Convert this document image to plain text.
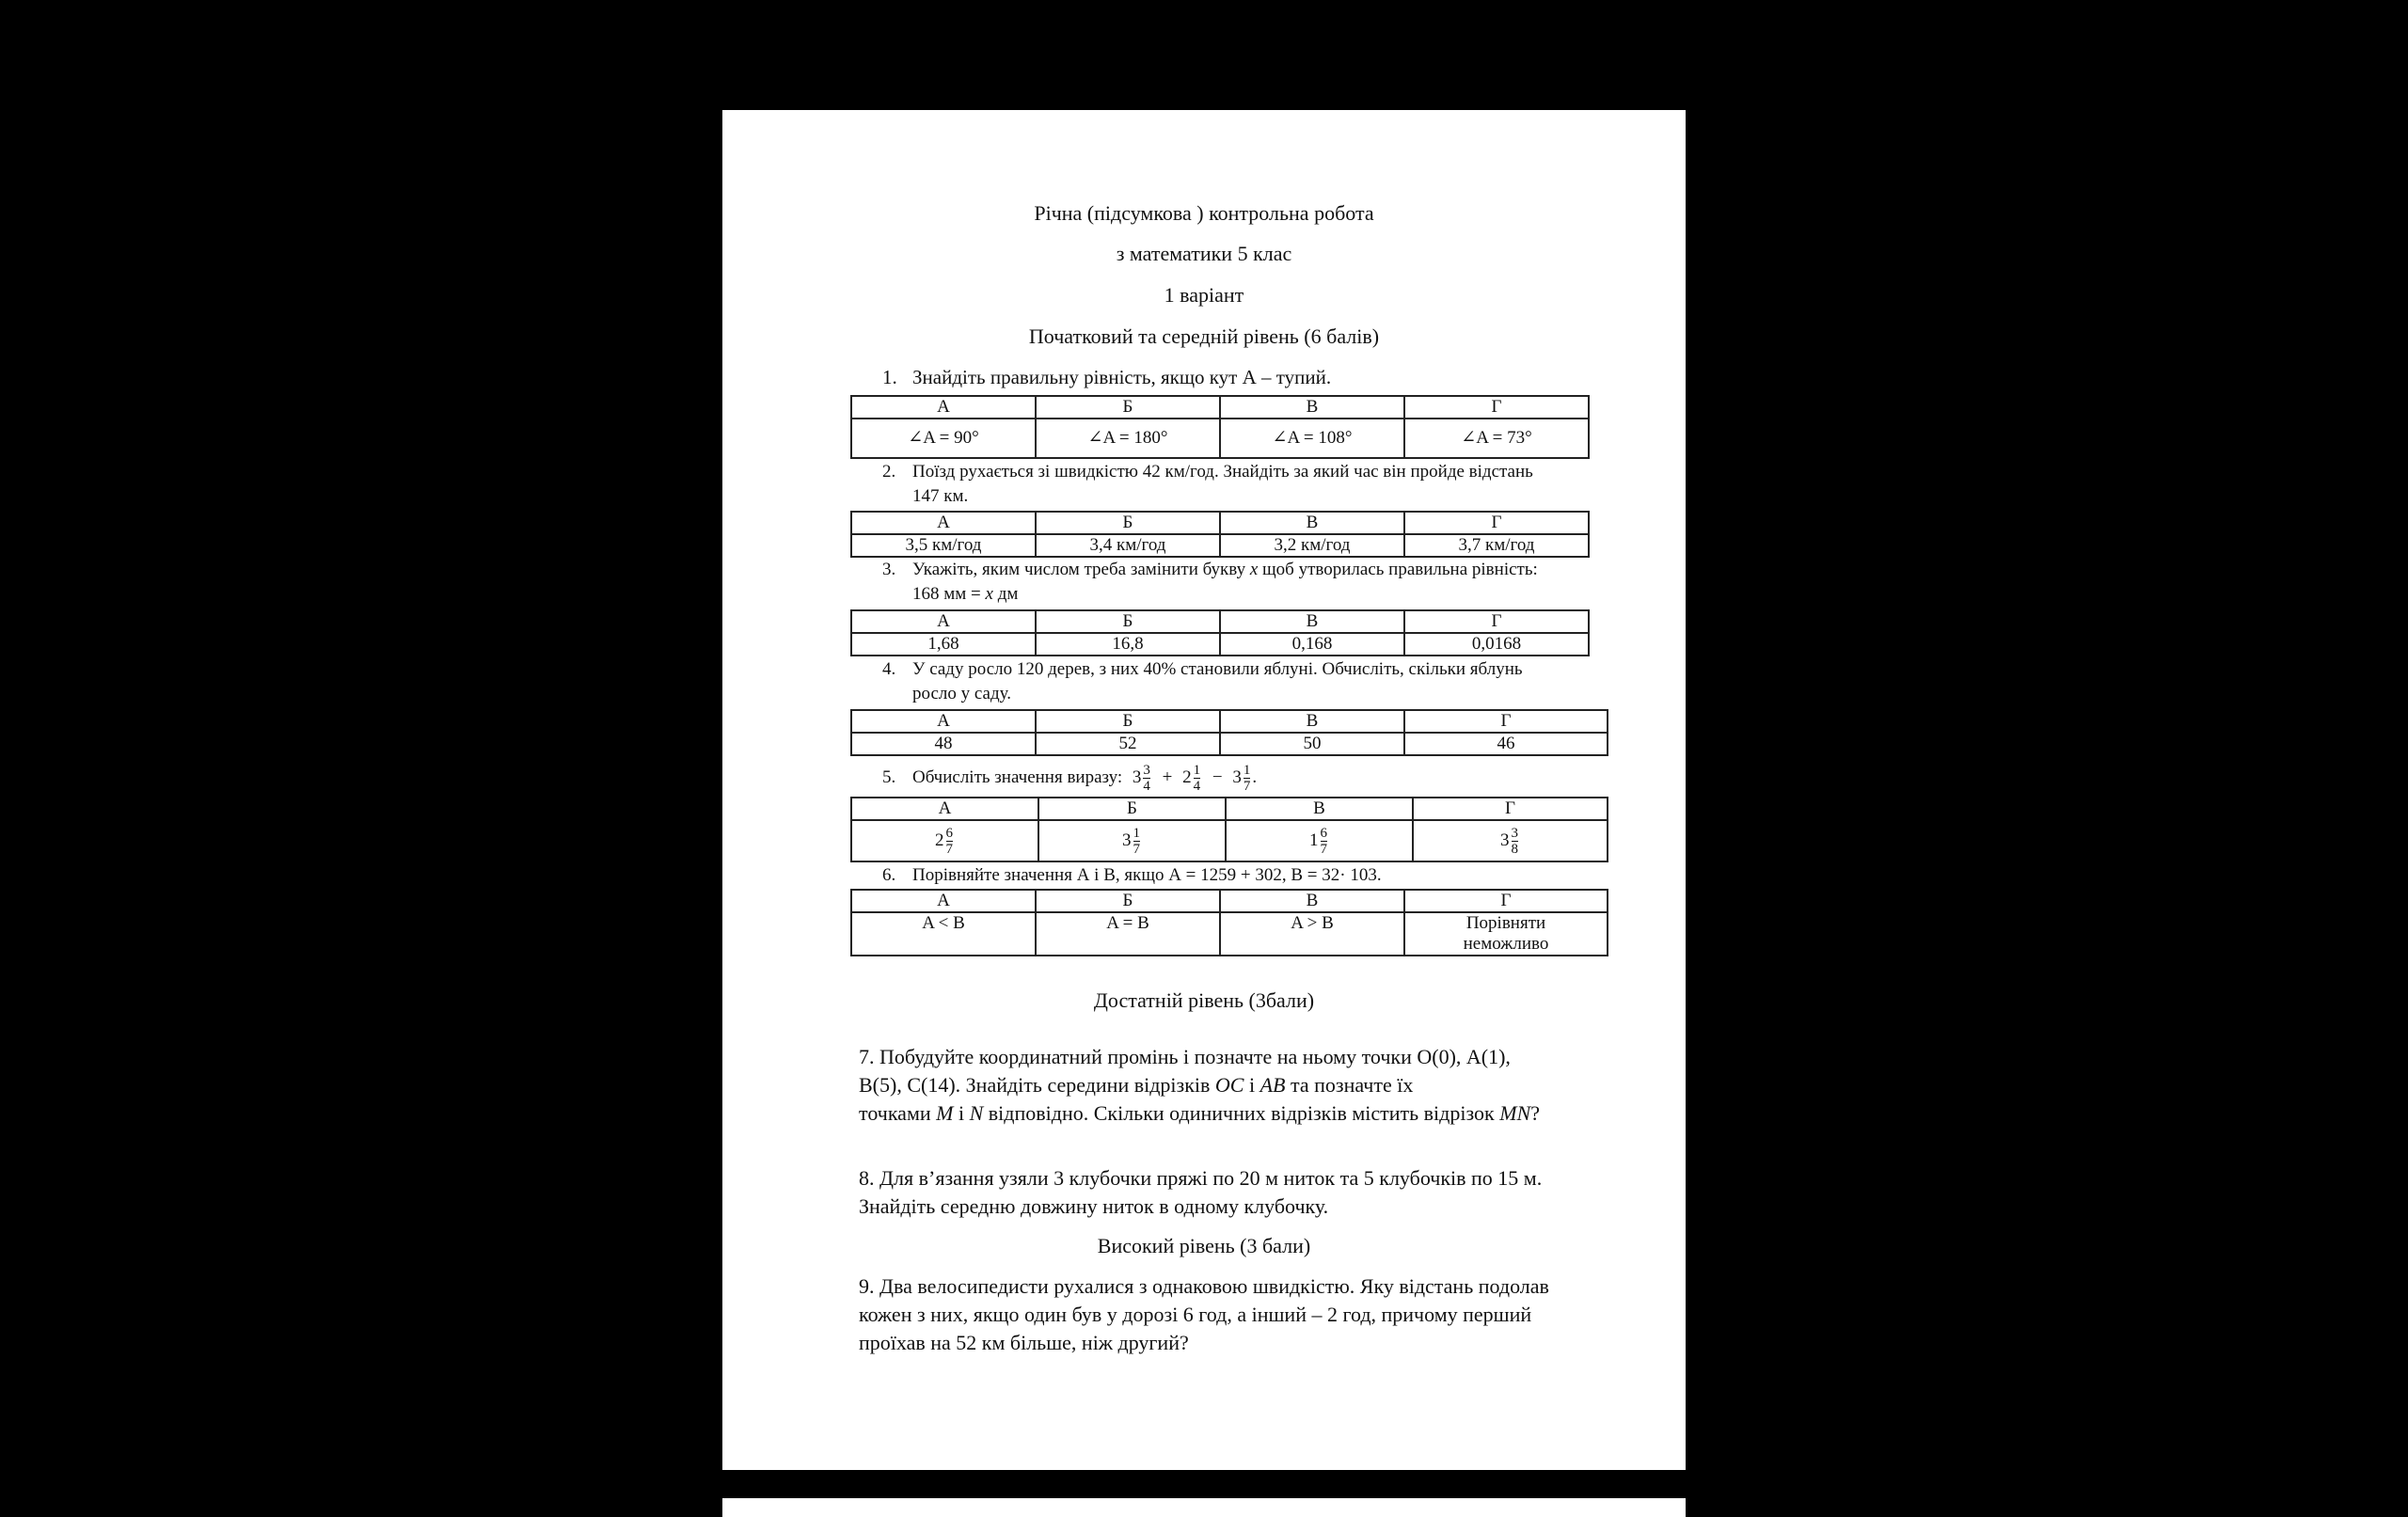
Річна (підсумкова ) контрольна робота
з математики 5 клас
1 варіант
Початковий та середній рівень (6 балів)
1. Знайдіть правильну рівність, якщо кут А – тупий.
А	Б	В	Г
∠A = 90°	∠A = 180°	∠A = 108°	∠A = 73°
2. Поїзд рухається зі швидкістю 42 км/год. Знайдіть за який час він пройде відстань
147 км.
А	Б	В	Г
3,5 км/год	3,4 км/год	3,2 км/год	3,7 км/год
3. Укажіть, яким числом треба замінити букву x щоб утворилась правильна рівність:
168 мм = x дм
А	Б	В	Г
1,68	16,8	0,168	0,0168
4. У саду росло 120 дерев, з них 40% становили яблуні. Обчисліть, скільки яблунь
росло у саду.
А	Б	В	Г
48	52	50	46
5. Обчисліть значення виразу: $3 \frac{3}{4} + 2 \frac{1}{4} - 3 \frac{1}{7}$ .
А	Б	В	Г
$2 \frac{6}{7}$	$3 \frac{1}{7}$	$1 \frac{6}{7}$	$3 \frac{3}{8}$
6. Порівняйте значення А і В, якщо А = 1259 + 302, В = 32· 103.
А	Б	В	Г
A < B	A = B	A > B	Порівняти
неможливо
Достатній рівень (3бали)
7. Побудуйте координатний промінь і позначте на ньому точки О(0), А(1),
В(5), С(14). Знайдіть середини відрізків OC і AB та позначте їх
точками M і N відповідно. Скільки одиничних відрізків містить відрізок MN?
8. Для в’язання узяли 3 клубочки пряжі по 20 м ниток та 5 клубочків по 15 м.
Знайдіть середню довжину ниток в одному клубочку.
Високий рівень (3 бали)
9. Два велосипедисти рухалися з однаковою швидкістю. Яку відстань подолав
кожен з них, якщо один був у дорозі 6 год, а інший – 2 год, причому перший
проїхав на 52 км більше, ніж другий?
